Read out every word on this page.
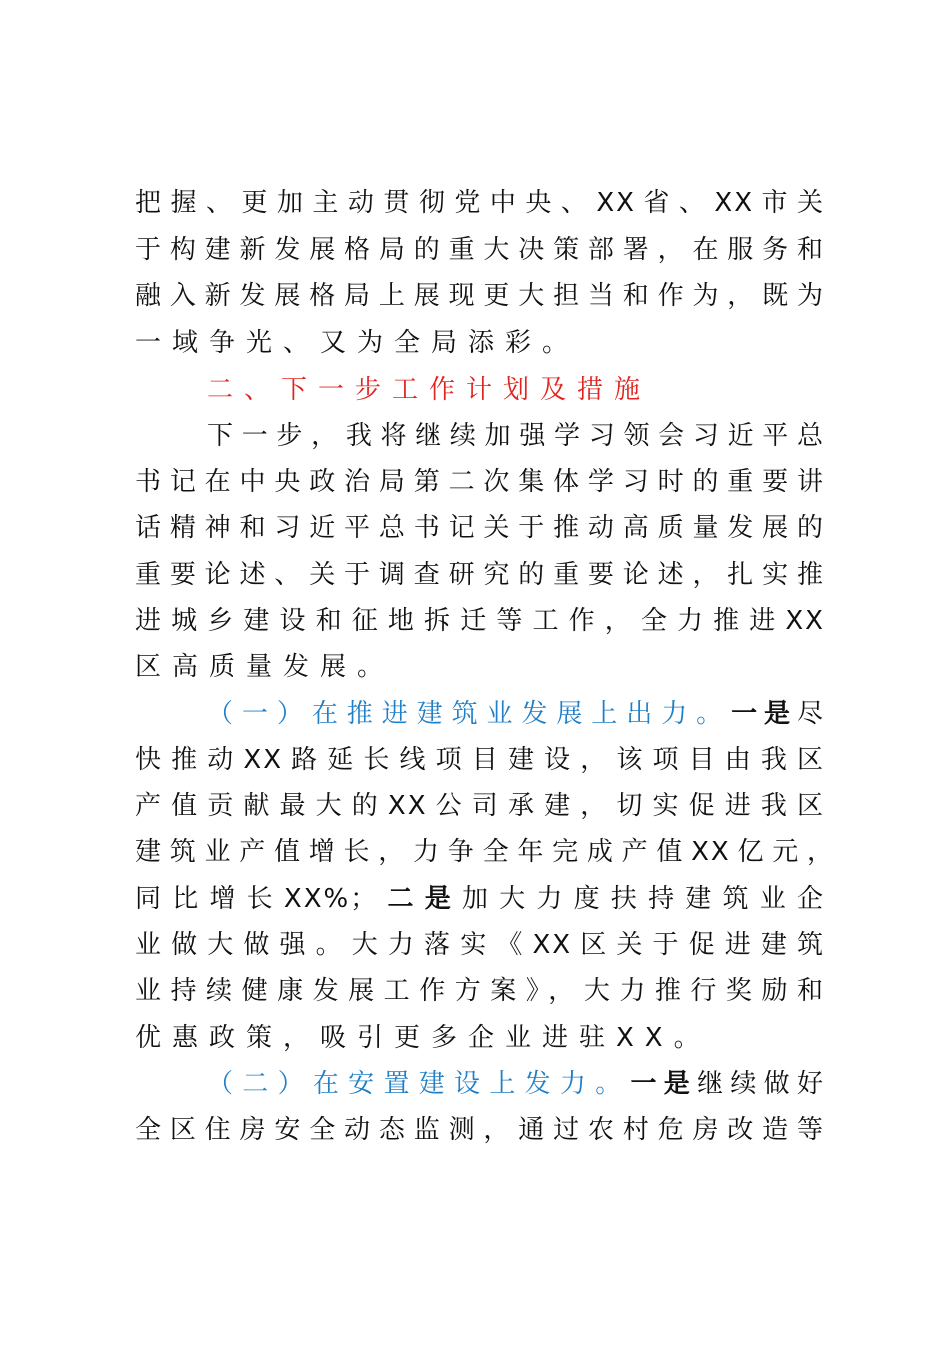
把握、更加主动贯彻党中央、XX省、XX市关
于构建新发展格局的重大决策部署，在服务和
融入新发展格局上展现更大担当和作为，既为
一域争光、又为全局添彩。
二、下一步工作计划及措施
下一步，我将继续加强学习领会习近平总
书记在中央政治局第二次集体学习时的重要讲
话精神和习近平总书记关于推动高质量发展的
重要论述、关于调查研究的重要论述，扎实推
进城乡建设和征地拆迁等工作，全力推进XX
区高质量发展。
（一）在推进建筑业发展上出力。一是尽
快推动XX路延长线项目建设，该项目由我区
产值贡献最大的XX公司承建，切实促进我区
建筑业产值增长，力争全年完成产值XX亿元，
同比增长XX%；二是加大力度扶持建筑业企
业做大做强。大力落实《XX区关于促进建筑
业持续健康发展工作方案》，大力推行奖励和
优惠政策，吸引更多企业进驻XX。
（二）在安置建设上发力。一是继续做好
全区住房安全动态监测，通过农村危房改造等
